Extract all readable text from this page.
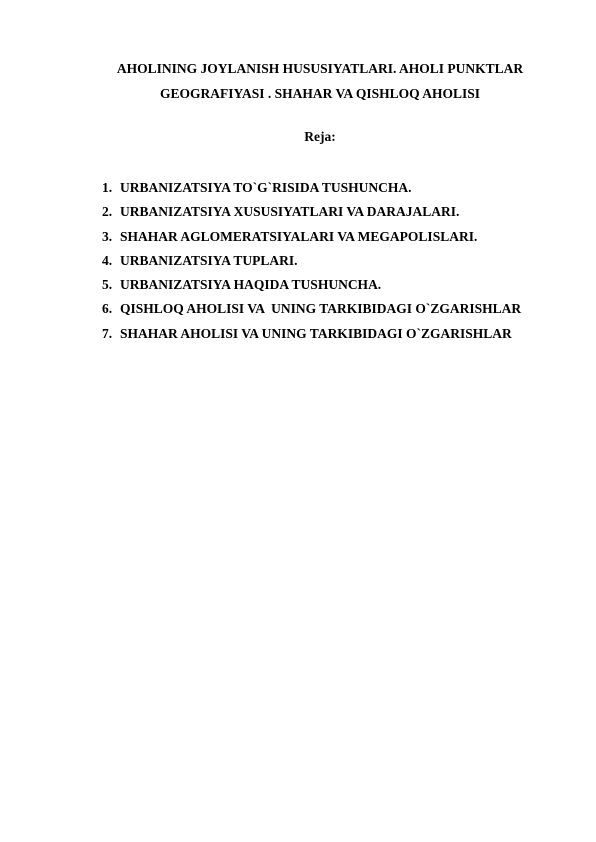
AHOLINING JOYLANISH HUSUSIYATLARI. AHOLI PUNKTLAR
GEOGRAFIYASI . SHAHAR VA QISHLOQ AHOLISI

Reja:

1. URBANIZATSIYA TO`G`RISIDA TUSHUNCHA.
2. URBANIZATSIYA XUSUSIYATLARI VA DARAJALARI.
3. SHAHAR AGLOMERATSIYALARI VA MEGAPOLISLARI.
4. URBANIZATSIYA TUPLARI.
5. URBANIZATSIYA HAQIDA TUSHUNCHA.
6. QISHLOQ AHOLISI VA  UNING TARKIBIDAGI O`ZGARISHLAR
7. SHAHAR AHOLISI VA UNING TARKIBIDAGI O`ZGARISHLAR
